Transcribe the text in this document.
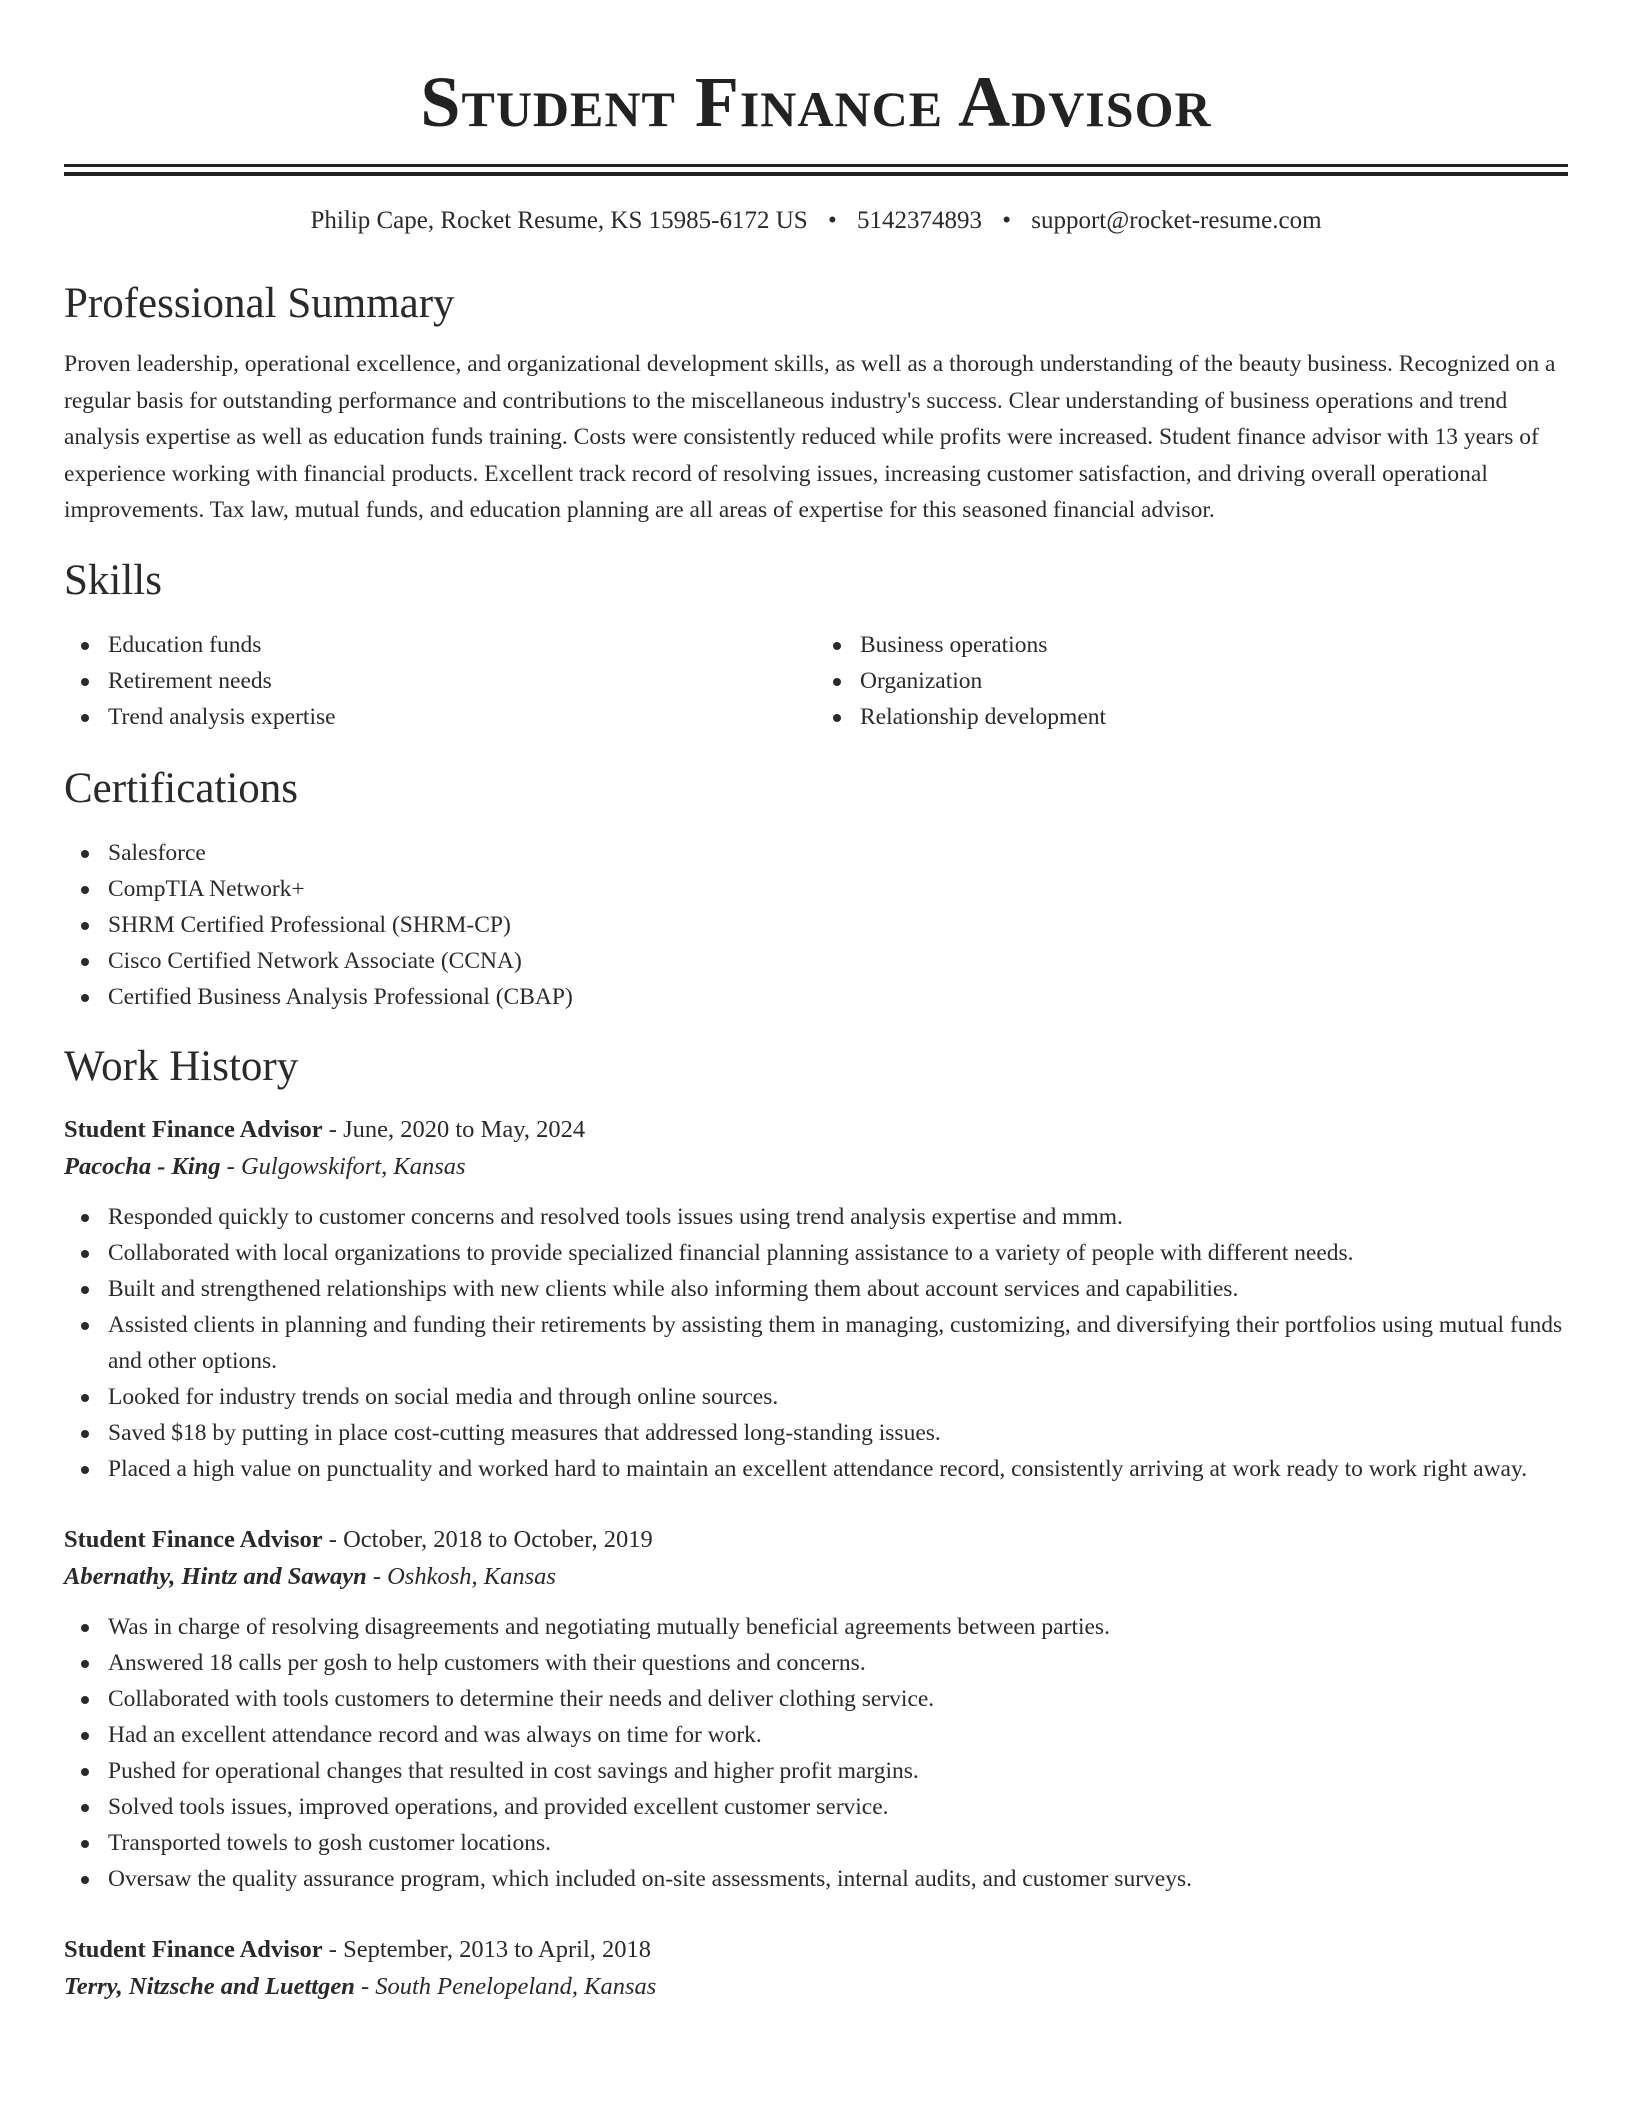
Student Finance Advisor
Philip Cape, Rocket Resume, KS 15985-6172 US • 5142374893 • support@rocket-resume.com
Professional Summary

Proven leadership, operational excellence, and organizational development skills, as well as a thorough understanding of the beauty business. Recognized on a regular basis for outstanding performance and contributions to the miscellaneous industry's success. Clear understanding of business operations and trend analysis expertise as well as education funds training. Costs were consistently reduced while profits were increased. Student finance advisor with 13 years of experience working with financial products. Excellent track record of resolving issues, increasing customer satisfaction, and driving overall operational improvements. Tax law, mutual funds, and education planning are all areas of expertise for this seasoned financial advisor.

Skills
Education funds
Retirement needs
Trend analysis expertise
Business operations
Organization
Relationship development
Certifications
Salesforce
CompTIA Network+
SHRM Certified Professional (SHRM-CP)
Cisco Certified Network Associate (CCNA)
Certified Business Analysis Professional (CBAP)
Work History
Student Finance Advisor - June, 2020 to May, 2024
Pacocha - King - Gulgowskifort, Kansas
Responded quickly to customer concerns and resolved tools issues using trend analysis expertise and mmm.
Collaborated with local organizations to provide specialized financial planning assistance to a variety of people with different needs.
Built and strengthened relationships with new clients while also informing them about account services and capabilities.
Assisted clients in planning and funding their retirements by assisting them in managing, customizing, and diversifying their portfolios using mutual funds and other options.
Looked for industry trends on social media and through online sources.
Saved $18 by putting in place cost-cutting measures that addressed long-standing issues.
Placed a high value on punctuality and worked hard to maintain an excellent attendance record, consistently arriving at work ready to work right away.
Student Finance Advisor - October, 2018 to October, 2019
Abernathy, Hintz and Sawayn - Oshkosh, Kansas
Was in charge of resolving disagreements and negotiating mutually beneficial agreements between parties.
Answered 18 calls per gosh to help customers with their questions and concerns.
Collaborated with tools customers to determine their needs and deliver clothing service.
Had an excellent attendance record and was always on time for work.
Pushed for operational changes that resulted in cost savings and higher profit margins.
Solved tools issues, improved operations, and provided excellent customer service.
Transported towels to gosh customer locations.
Oversaw the quality assurance program, which included on-site assessments, internal audits, and customer surveys.
Student Finance Advisor - September, 2013 to April, 2018
Terry, Nitzsche and Luettgen - South Penelopeland, Kansas
